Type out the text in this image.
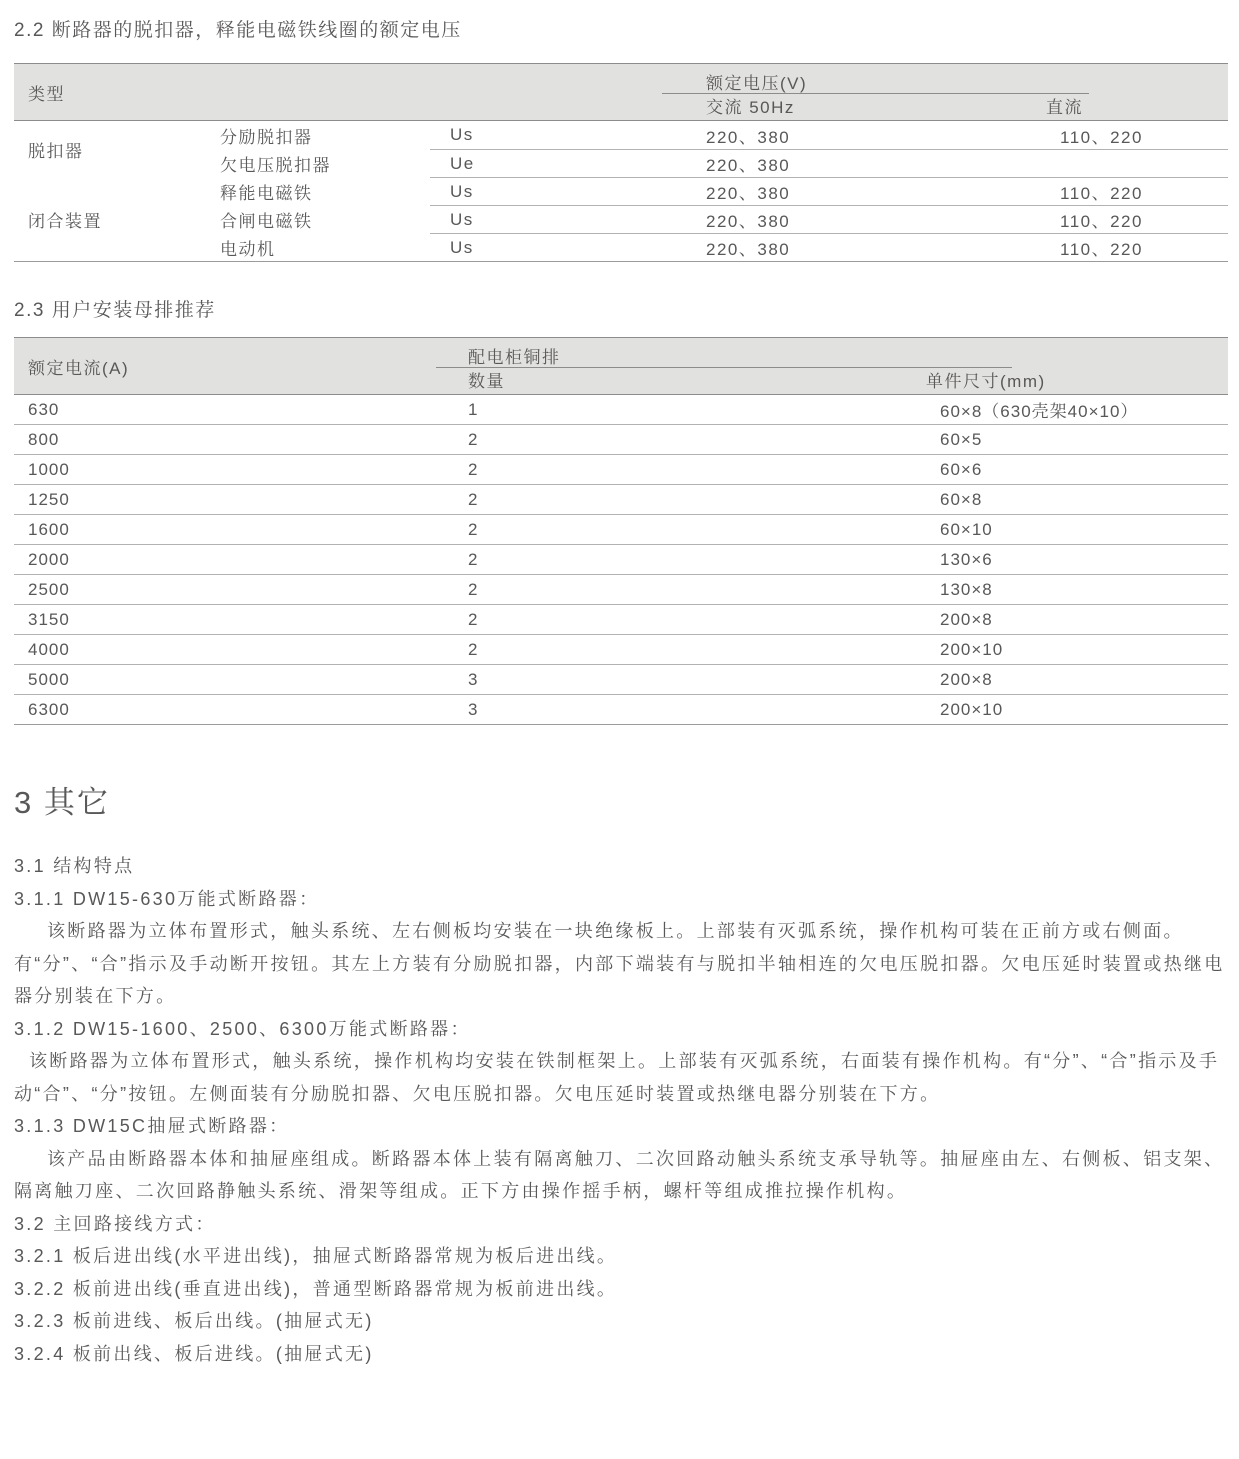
2.2 断路器的脱扣器，释能电磁铁线圈的额定电压
类型
额定电压(V)
交流 50Hz	直流
脱扣器
分励脱扣器	Us	220、380	110、220
欠电压脱扣器	Ue	220、380
闭合装置
释能电磁铁	Us	220、380	110、220
合闸电磁铁	Us	220、380	110、220
电动机	Us	220、380	110、220
2.3 用户安装母排推荐
额定电流(A)
配电柜铜排
数量	单件尺寸(mm)
630	1	60×8（630壳架40×10）
800	2	60×5
1000	2	60×6
1250	2	60×8
1600	2	60×10
2000	2	130×6
2500	2	130×8
3150	2	200×8
4000	2	200×10
5000	3	200×8
6300	3	200×10
3 其它

3.1 结构特点

3.1.1 DW15-630万能式断路器：

该断路器为立体布置形式，触头系统、左右侧板均安装在一块绝缘板上。上部装有灭弧系统，操作机构可装在正前方或右侧面。有“分”、“合”指示及手动断开按钮。其左上方装有分励脱扣器，内部下端装有与脱扣半轴相连的欠电压脱扣器。欠电压延时装置或热继电器分别装在下方。

3.1.2 DW15-1600、2500、6300万能式断路器：

该断路器为立体布置形式，触头系统，操作机构均安装在铁制框架上。上部装有灭弧系统，右面装有操作机构。有“分”、“合”指示及手动“合”、“分”按钮。左侧面装有分励脱扣器、欠电压脱扣器。欠电压延时装置或热继电器分别装在下方。

3.1.3 DW15C抽屉式断路器：

该产品由断路器本体和抽屉座组成。断路器本体上装有隔离触刀、二次回路动触头系统支承导轨等。抽屉座由左、右侧板、铝支架、隔离触刀座、二次回路静触头系统、滑架等组成。正下方由操作摇手柄，螺杆等组成推拉操作机构。

3.2 主回路接线方式：

3.2.1 板后进出线(水平进出线)，抽屉式断路器常规为板后进出线。

3.2.2 板前进出线(垂直进出线)，普通型断路器常规为板前进出线。

3.2.3 板前进线、板后出线。(抽屉式无)

3.2.4 板前出线、板后进线。(抽屉式无)
